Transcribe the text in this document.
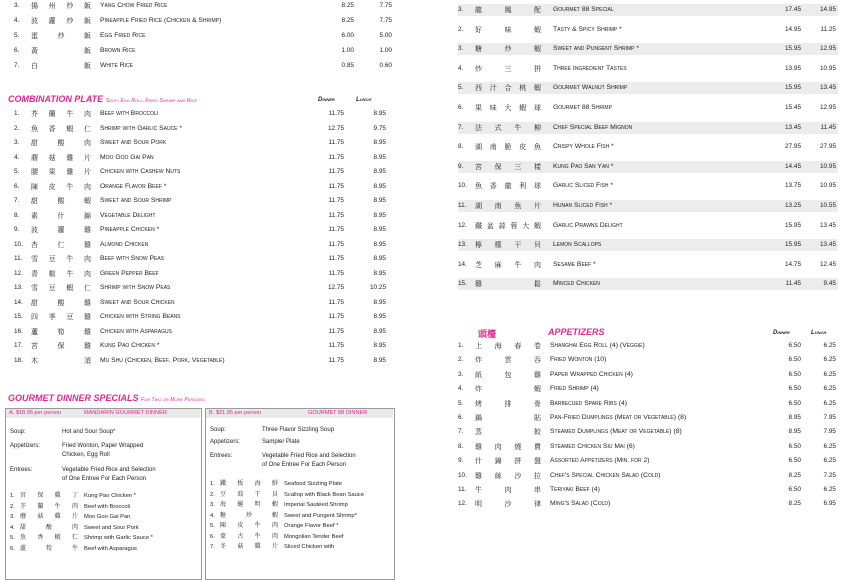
3.	揚 州 炒 飯 Yang Chow Fried Rice	8.25	7.75
4.	波 蘿 炒 飯 Pineapple Fried Rice (Chicken & Shrimp)	8.25	7.75
5.	蛋	炒	飯 Egg Fried Rice	6.00	5.00
6.	黃	飯 Brown Rice	1.00	1.00
7.	白	飯 White Rice	0.85	0.60
COMBINATION PLATE Soup, Egg Roll, Fried Shrimp and Rice	Dinner	Lunch
1.	芥 蘭 牛 肉 Beef with Broccoli	11.75	8.95
2.	魚 香 蝦 仁 Shrimp with Garlic Sauce *	12.75	9.75
3.	甜	酸	肉 Sweet and Sour Pork	11.75	8.95
4.	蘑 菇 雞 片 Moo Goo Gai Pan	11.75	8.95
5.	腰 果 雞 片 Chicken with Cashew Nuts	11.75	8.95
6.	陳 皮 牛 肉 Orange Flavor Beef *	11.75	8.95
7.	甜	酸	蝦 Sweet and Sour Shrimp	11.75	8.95
8.	素	什	錦 Vegetable Delight	11.75	8.95
9.	波	蘿	雞 Pineapple Chicken *	11.75	8.95
10.	杏	仁	雞 Almond Chicken	11.75	8.95
11.	雪 豆 牛 肉 Beef with Snow Peas	11.75	8.95
12.	青 椒 牛 肉 Green Pepper Beef	11.75	8.95
13.	雪 豆 蝦 仁 Shrimp with Snow Peas	12.75	10.25
14.	甜	酸	雞 Sweet and Sour Chicken	11.75	8.95
15.	四 季 豆 雞 Chicken with String Beans	11.75	8.95
16.	蘆	筍	雞 Chicken with Asparagus	11.75	8.95
17.	宮	保	雞 Kung Pao Chicken *	11.75	8.95
18.	木	須 Mu Shu (Chicken, Beef, Pork, Vegetable)	11.75	8.95
GOURMET DINNER SPECIALS For Two or More Persons
A. $18.95 per person	MANDARIN GOURMET DINNER
Soup:	Hot and Sour Soup*
Appetizers:	Fried Wonton, Paper Wrapped
Chicken, Egg Roll
Entrees:	Vegetable Fried Rice and Selection
of One Entree For Each Person
1. 宮 保 雞 丁 Kung Pao Chicken *
2. 芥 蘭 牛 肉 Beef with Broccoli
3. 蘑 菇 雞 片 Moo Goo Gai Pan
4. 甜	酸	肉 Sweet and Sour Pork
5. 魚 香 蝦 仁 Shrimp with Garlic Sauce *
6. 蘆	筍	牛 Beef with Asparagus
B. $21.95 per person	GOURMET 88 DINNER
Soup:	Three Flavor Sizzling Soup
Appetizers:	Sampler Plate
Entrees:	Vegetable Fried Rice and Selection
of One Entree For Each Person
1. 鐵 板 海 鮮 Seafood Sizzling Plate
2. 豆 豉 干 貝 Scallop with Black Bean Sauce
3. 海 蜒 明 蝦 Imperial Sautéed Shrimp
4. 糖	炒	蝦 Sweet and Pungent Shrimp*
5. 陳 皮 牛 肉 Orange Flavor Beef *
6. 蒙 古 牛 肉 Mongolian Tender Beef
7. 冬 菇 雞 片 Sliced Chicken with
3.	龍	鳳	配 Gourmet 88 Special	17.45	14.95
2.	好	味	蝦 Tasty & Spicy Shrimp *	14.95	11.25
3.	糖	炒	蝦 Sweet and Pungent Shrimp *	15.95	12.95
4.	炒	三	拼 Three Ingredient Tastes	13.95	10.95
5.	西 汁 合 桃 蝦 Gourmet Walnut Shrimp	15.95	13.45
6.	果 味 大 蝦 球 Gourmet 88 Shrimp	15.45	12.95
7.	法 式 牛 柳 Chef Special Beef Mignon	13.45	11.45
8.	湖 南 脆 皮 魚 Crispy Whole Fish *	27.95	27.95
9.	宮 保 三 樣 Kung Pao San Yan *	14.45	10.95
10.	魚 香 龍 利 球 Garlic Sliced Fish *	13.75	10.95
11.	湖 南 魚 片 Hunan Sliced Fish *	13.25	10.55
12.	鐵 盆 蒜 蓉 大 蝦 Garlic Prawns Delight	15.95	13.45
13.	檸 檬 干 貝 Lemon Scallops	15.95	13.45
14.	芝 麻 牛 肉 Sesame Beef *	14.75	12.45
15.	雞	鬆 Minced Chicken	11.45	9.45
頭檯	APPETIZERS	Dinner	Lunch
1.	上 海 春 卷 Shanghai Egg Roll (4) (Veggie)	6.50	6.25
2.	炸	雲	吞 Fried Wonton (10)	6.50	6.25
3.	紙	包	雞 Paper Wrapped Chicken (4)	6.50	6.25
4.	炸	蝦 Fried Shrimp (4)	6.50	6.25
5.	烤	排	骨 Barbecued Spare Ribs (4)	6.50	6.25
6.	鍋	貼 Pan-Fried Dumplings (Meat or Vegetable) (8)	8.95	7.95
7.	蒸	餃 Steamed Dumplings (Meat or Vegetable) (8)	8.95	7.95
8.	雞 肉 燒 賣 Steamed Chicken Siu Mai (6)	6.50	6.25
9.	什 錦 拼 盤 Assorted Appetizers (Min. for 2)	6.50	6.25
10.	雞 絲 沙 拉 Chef's Special Chicken Salad (Cold)	8.25	7.25
11.	牛	肉	串 Teriyaki Beef (4)	6.50	6.25
12.	明	沙	律 Ming's Salad (Cold)	8.25	6.95
